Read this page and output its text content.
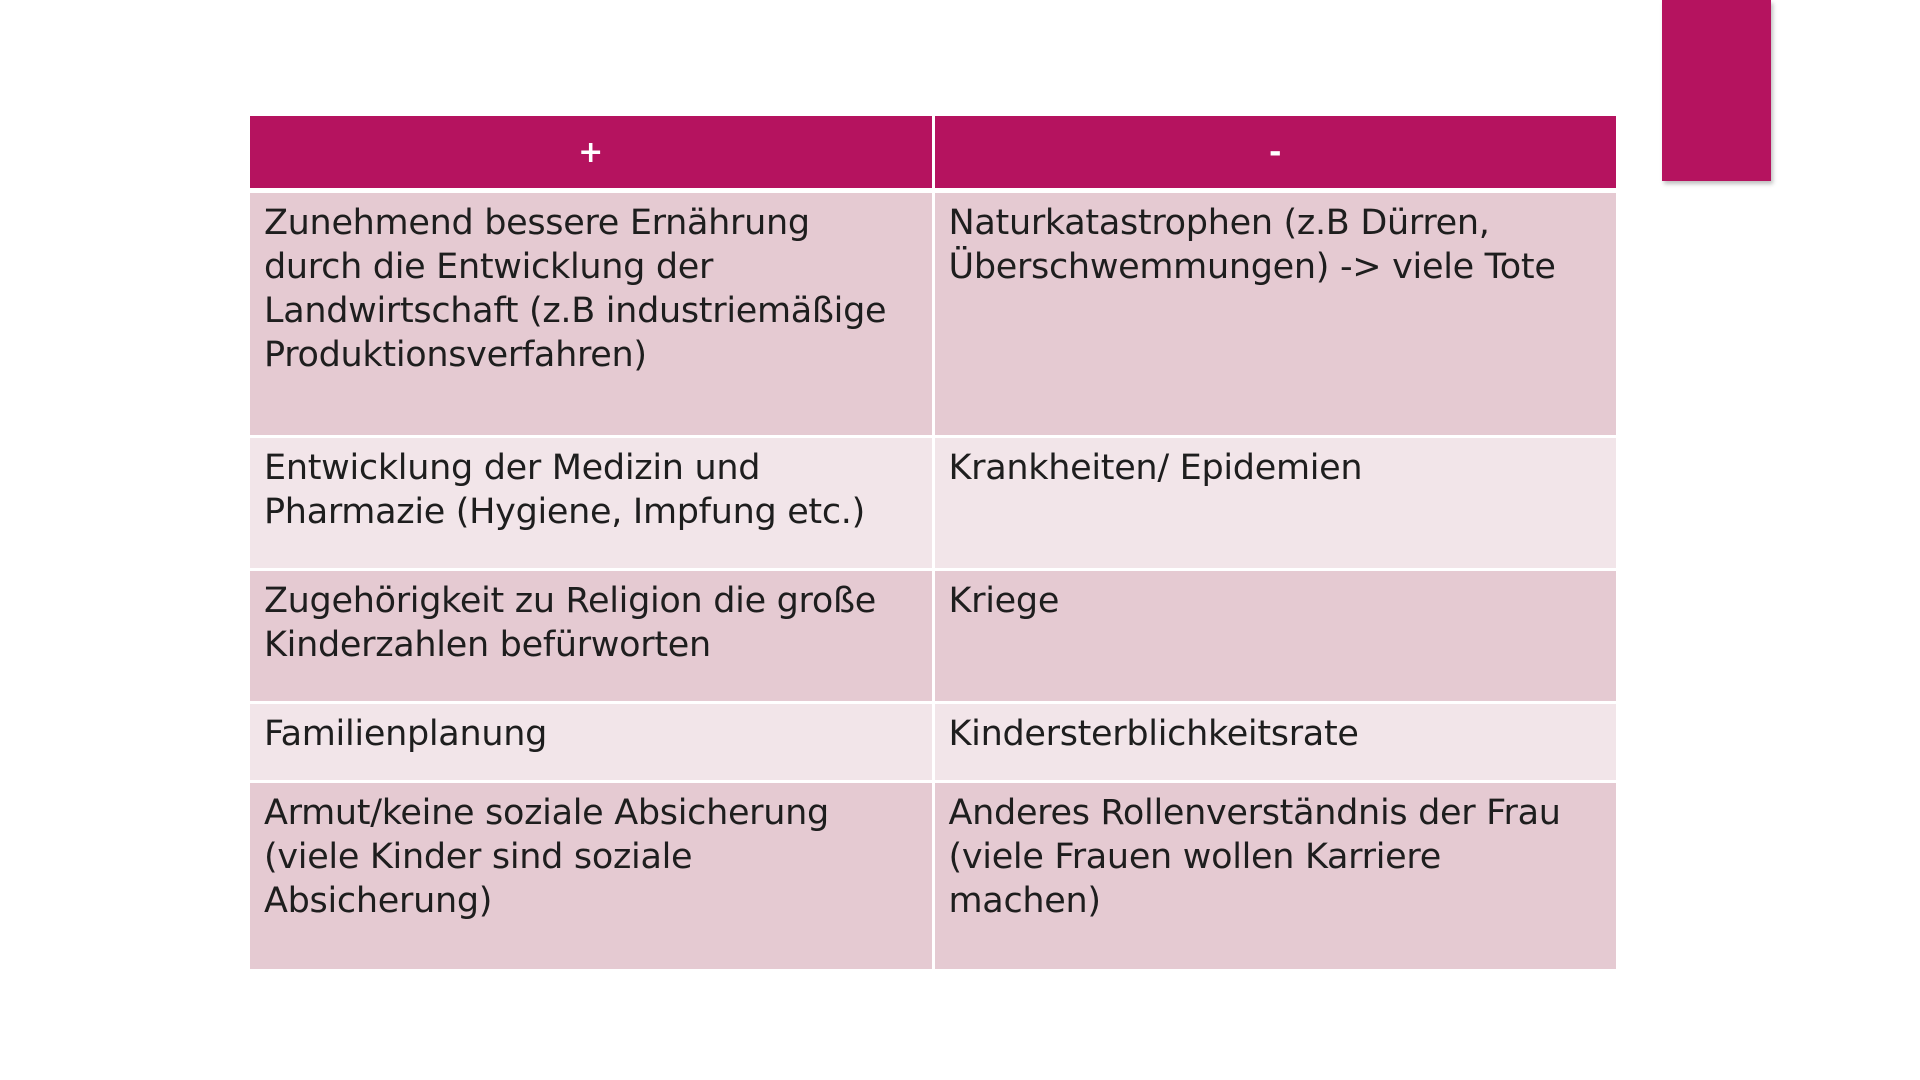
+	-

Zunehmend bessere Ernährung
durch die Entwicklung der
Landwirtschaft (z.B industriemäßige
Produktionsverfahren)	Naturkatastrophen (z.B Dürren,
Überschwemmungen) -> viele Tote

Entwicklung der Medizin und
Pharmazie (Hygiene, Impfung etc.)	Krankheiten/ Epidemien

Zugehörigkeit zu Religion die große
Kinderzahlen befürworten	Kriege

Familienplanung	Kindersterblichkeitsrate

Armut/keine soziale Absicherung
(viele Kinder sind soziale
Absicherung)	Anderes Rollenverständnis der Frau
(viele Frauen wollen Karriere
machen)
